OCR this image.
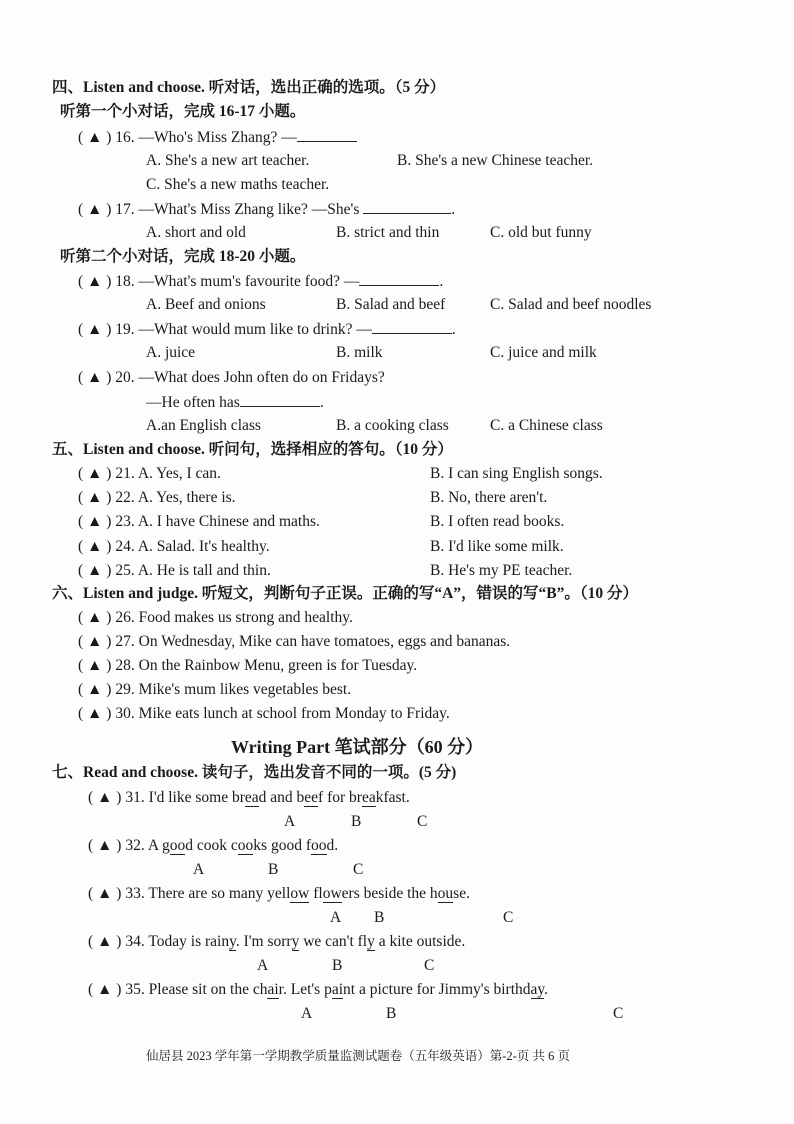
四、Listen and choose. 听对话，选出正确的选项。（5 分）
听第一个小对话，完成 16-17 小题。
( ▲ ) 16. —Who's Miss Zhang? —
A. She's a new art teacher.	B. She's a new Chinese teacher.
C. She's a new maths teacher.
( ▲ ) 17. —What's Miss Zhang like? —She's	.
A. short and old	B. strict and thin	C. old but funny
听第二个小对话，完成 18-20 小题。
( ▲ ) 18. —What's mum's favourite food? —	.
A. Beef and onions	B. Salad and beef	C. Salad and beef noodles
( ▲ ) 19. —What would mum like to drink? —	.
A. juice	B. milk	C. juice and milk
( ▲ ) 20. —What does John often do on Fridays?
—He often has	.
A.an English class	B. a cooking class	C. a Chinese class
五、Listen and choose. 听问句，选择相应的答句。（10 分）
( ▲ ) 21. A. Yes, I can.	B. I can sing English songs.
( ▲ ) 22. A. Yes, there is.	B. No, there aren't.
( ▲ ) 23. A. I have Chinese and maths.	B. I often read books.
( ▲ ) 24. A. Salad. It's healthy.	B. I'd like some milk.
( ▲ ) 25. A. He is tall and thin.	B. He's my PE teacher.
六、Listen and judge. 听短文，判断句子正误。正确的写“A”，错误的写“B”。（10 分）
( ▲ ) 26. Food makes us strong and healthy.
( ▲ ) 27. On Wednesday, Mike can have tomatoes, eggs and bananas.
( ▲ ) 28. On the Rainbow Menu, green is for Tuesday.
( ▲ ) 29. Mike's mum likes vegetables best.
( ▲ ) 30. Mike eats lunch at school from Monday to Friday.
Writing Part 笔试部分（60 分）
七、Read and choose. 读句子，选出发音不同的一项。(5 分)
( ▲ ) 31. I'd like some bread and beef for breakfast.
A	B	C
( ▲ ) 32. A good cook cooks good food.
A	B	C
( ▲ ) 33. There are so many yellow flowers beside the house.
A B	C
( ▲ ) 34. Today is rainy. I'm sorry we can't fly a kite outside.
A	B	C
( ▲ ) 35. Please sit on the chair. Let's paint a picture for Jimmy's birthday.
A	B	C
仙居县 2023 学年第一学期教学质量监测试题卷（五年级英语）第-2-页 共 6 页
